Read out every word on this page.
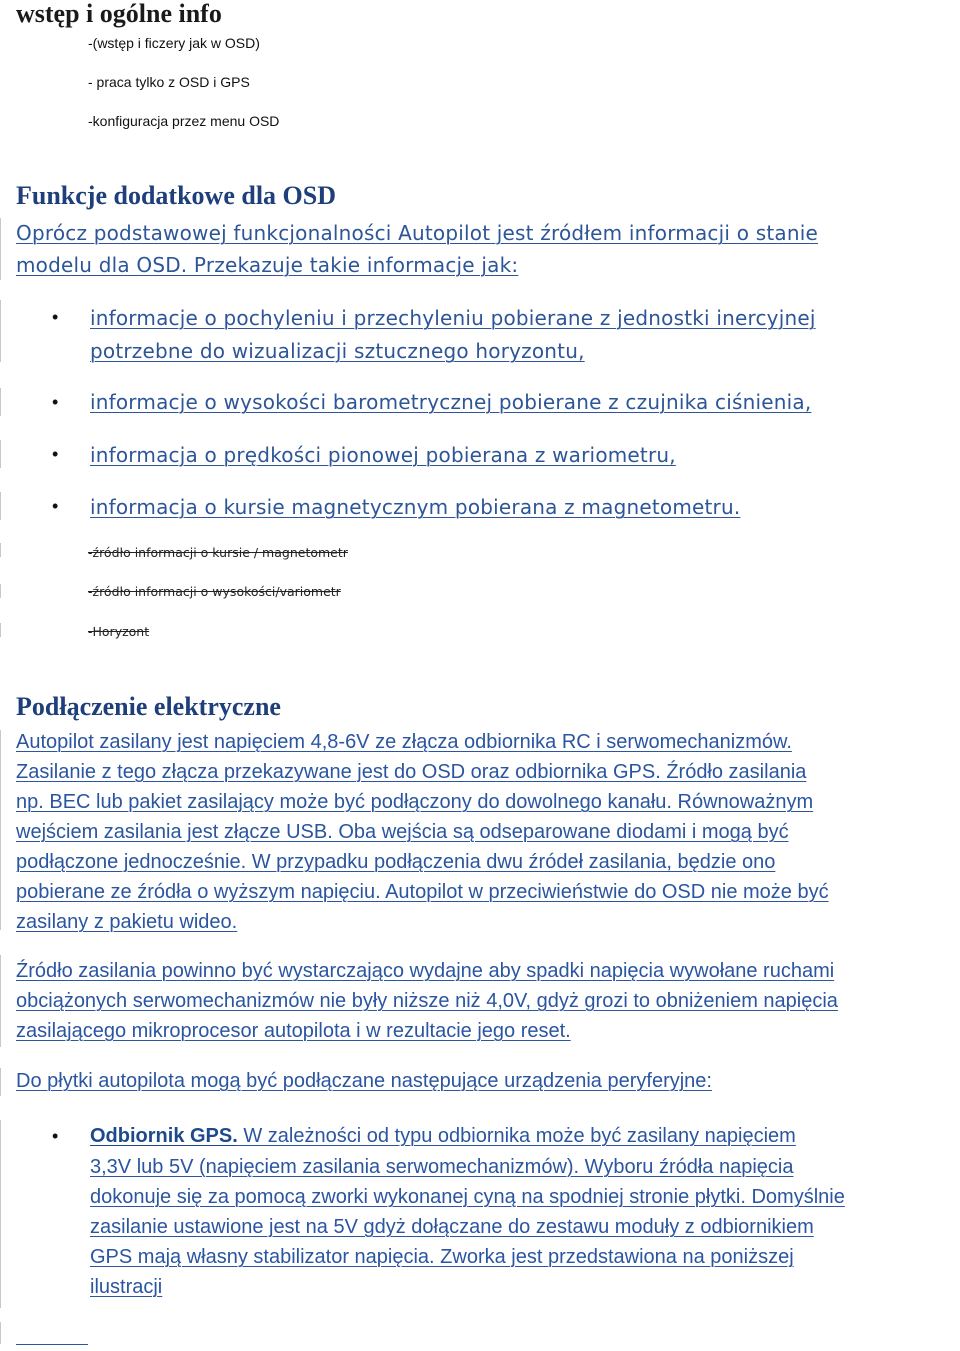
wstęp i ogólne info
-(wstęp i ficzery jak w OSD)
- praca tylko z OSD i GPS
-konfiguracja przez menu OSD
Funkcje dodatkowe dla OSD
Oprócz podstawowej funkcjonalności Autopilot jest źródłem informacji o stanie
modelu dla OSD. Przekazuje takie informacje jak:
• informacje o pochyleniu i przechyleniu pobierane z jednostki inercyjnej
potrzebne do wizualizacji sztucznego horyzontu,
• informacje o wysokości barometrycznej pobierane z czujnika ciśnienia,
• informacja o prędkości pionowej pobierana z wariometru,
• informacja o kursie magnetycznym pobierana z magnetometru.
-źródło informacji o kursie / magnetometr
-źródło informacji o wysokości/variometr
-Horyzont
Podłączenie elektryczne
Autopilot zasilany jest napięciem 4,8-6V ze złącza odbiornika RC i serwomechanizmów.
Zasilanie z tego złącza przekazywane jest do OSD oraz odbiornika GPS. Źródło zasilania
np. BEC lub pakiet zasilający może być podłączony do dowolnego kanału. Równoważnym
wejściem zasilania jest złącze USB. Oba wejścia są odseparowane diodami i mogą być
podłączone jednocześnie. W przypadku podłączenia dwu źródeł zasilania, będzie ono
pobierane ze źródła o wyższym napięciu. Autopilot w przeciwieństwie do OSD nie może być
zasilany z pakietu wideo.
Źródło zasilania powinno być wystarczająco wydajne aby spadki napięcia wywołane ruchami
obciążonych serwomechanizmów nie były niższe niż 4,0V, gdyż grozi to obniżeniem napięcia
zasilającego mikroprocesor autopilota i w rezultacie jego reset.
Do płytki autopilota mogą być podłączane następujące urządzenia peryferyjne:
• Odbiornik GPS. W zależności od typu odbiornika może być zasilany napięciem
3,3V lub 5V (napięciem zasilania serwomechanizmów). Wyboru źródła napięcia
dokonuje się za pomocą zworki wykonanej cyną na spodniej stronie płytki. Domyślnie
zasilanie ustawione jest na 5V gdyż dołączane do zestawu moduły z odbiornikiem
GPS mają własny stabilizator napięcia. Zworka jest przedstawiona na poniższej
ilustracji
